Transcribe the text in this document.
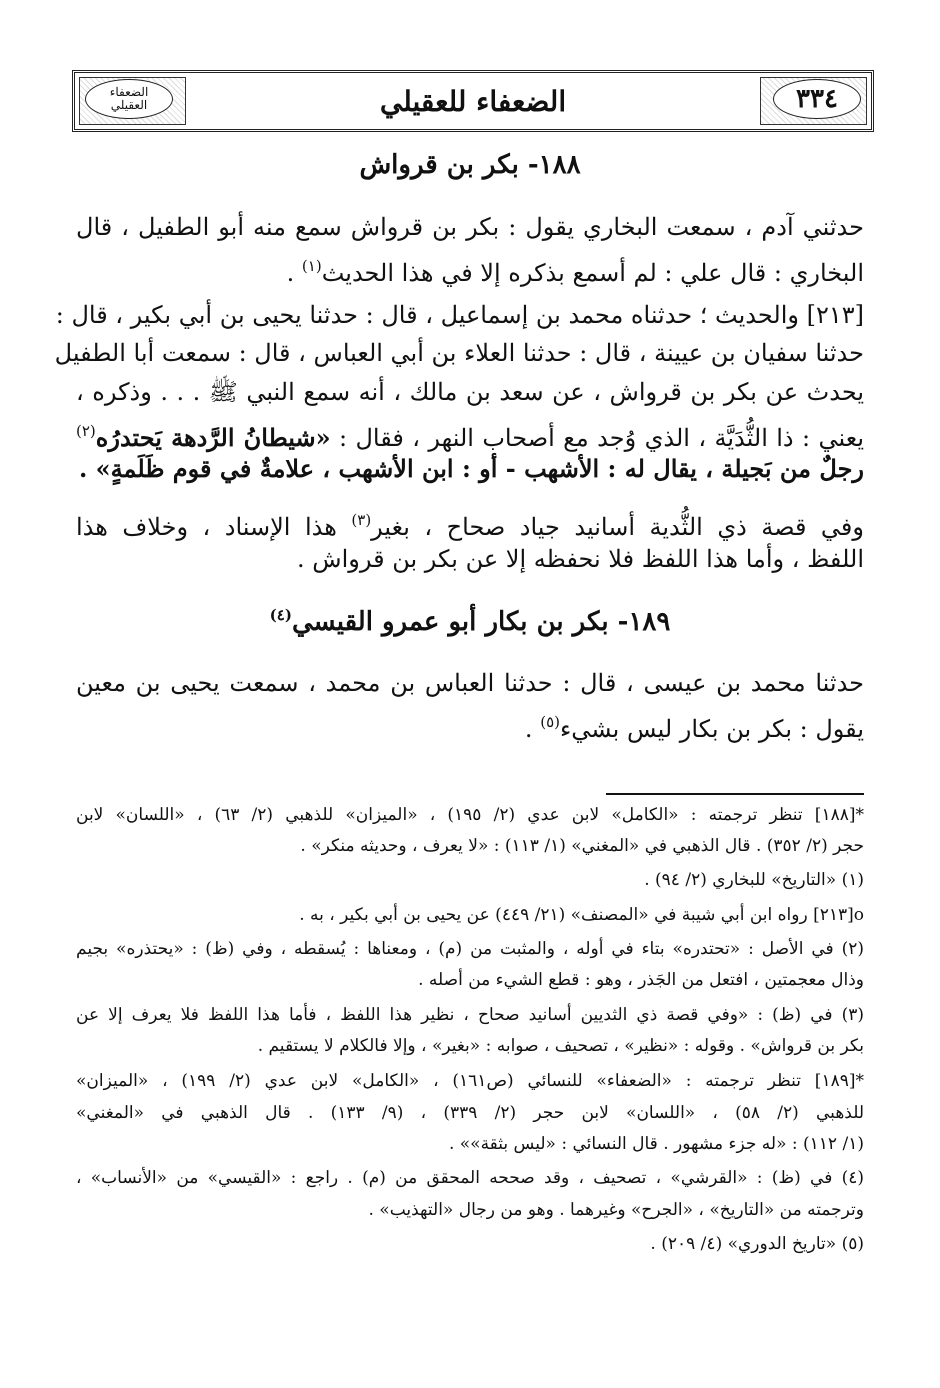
الضعفاء للعقيلي	٣٣٤
الضعفاء
العقيلي
١٨٨- بكر بن قرواش
حدثني آدم ، سمعت البخاري يقول : بكر بن قرواش سمع منه أبو الطفيل ، قال
البخاري : قال علي : لم أسمع بذكره إلا في هذا الحديث$^{(١)}$ .
[٢١٣] والحديث ؛ حدثناه محمد بن إسماعيل ، قال : حدثنا يحيى بن أبي بكير ، قال :
حدثنا سفيان بن عيينة ، قال : حدثنا العلاء بن أبي العباس ، قال : سمعت أبا الطفيل
يحدث عن بكر بن قرواش ، عن سعد بن مالك ، أنه سمع النبي ﷺ . . . وذكره ،
يعني : ذا الثُّدَيَّة ، الذي وُجد مع أصحاب النهر ، فقال : «شيطانُ الرَّدهة يَحتدرُه$^{(٢)}$
رجلٌ من بَجيلة ، يقال له : الأشهب - أو : ابن الأشهب ، علامةٌ في قوم ظَلَمةٍ» .
وفي قصة ذي الثُّدية أسانيد جياد صحاح ، بغير$^{(٣)}$ هذا الإسناد ، وخلاف هذا
اللفظ ، وأما هذا اللفظ فلا نحفظه إلا عن بكر بن قرواش .
١٨٩- بكر بن بكار أبو عمرو القيسي$^{(٤)}$
حدثنا محمد بن عيسى ، قال : حدثنا العباس بن محمد ، سمعت يحيى بن معين
يقول : بكر بن بكار ليس بشيء$^{(٥)}$ .
*[١٨٨] تنظر ترجمته : «الكامل» لابن عدي (٢/ ١٩٥) ، «الميزان» للذهبي (٢/ ٦٣) ، «اللسان» لابن
حجر (٢/ ٣٥٢) . قال الذهبي في «المغني» (١/ ١١٣) : «لا يعرف ، وحديثه منكر» .
(١) «التاريخ» للبخاري (٢/ ٩٤) .
o[٢١٣] رواه ابن أبي شيبة في «المصنف» (٢١/ ٤٤٩) عن يحيى بن أبي بكير ، به .
(٢) في الأصل : «تحتدره» بتاء في أوله ، والمثبت من (م) ، ومعناها : يُسقطه ، وفي (ظ) : «يحتذره» بجيم
وذال معجمتين ، افتعل من الجَذر ، وهو : قطع الشيء من أصله .
(٣) في (ظ) : «وفي قصة ذي الثديين أسانيد صحاح ، نظير هذا اللفظ ، فأما هذا اللفظ فلا يعرف إلا عن
بكر بن قرواش» . وقوله : «نظير» ، تصحيف ، صوابه : «بغير» ، وإلا فالكلام لا يستقيم .
*[١٨٩] تنظر ترجمته : «الضعفاء» للنسائي (ص١٦١) ، «الكامل» لابن عدي (٢/ ١٩٩) ، «الميزان»
للذهبي (٢/ ٥٨) ، «اللسان» لابن حجر (٢/ ٣٣٩) ، (٩/ ١٣٣) . قال الذهبي في «المغني»
(١/ ١١٢) : «له جزء مشهور . قال النسائي : «ليس بثقة»» .
(٤) في (ظ) : «القرشي» ، تصحيف ، وقد صححه المحقق من (م) . راجع : «القيسي» من «الأنساب» ،
وترجمته من «التاريخ» ، «الجرح» وغيرهما . وهو من رجال «التهذيب» .
(٥) «تاريخ الدوري» (٤/ ٢٠٩) .
